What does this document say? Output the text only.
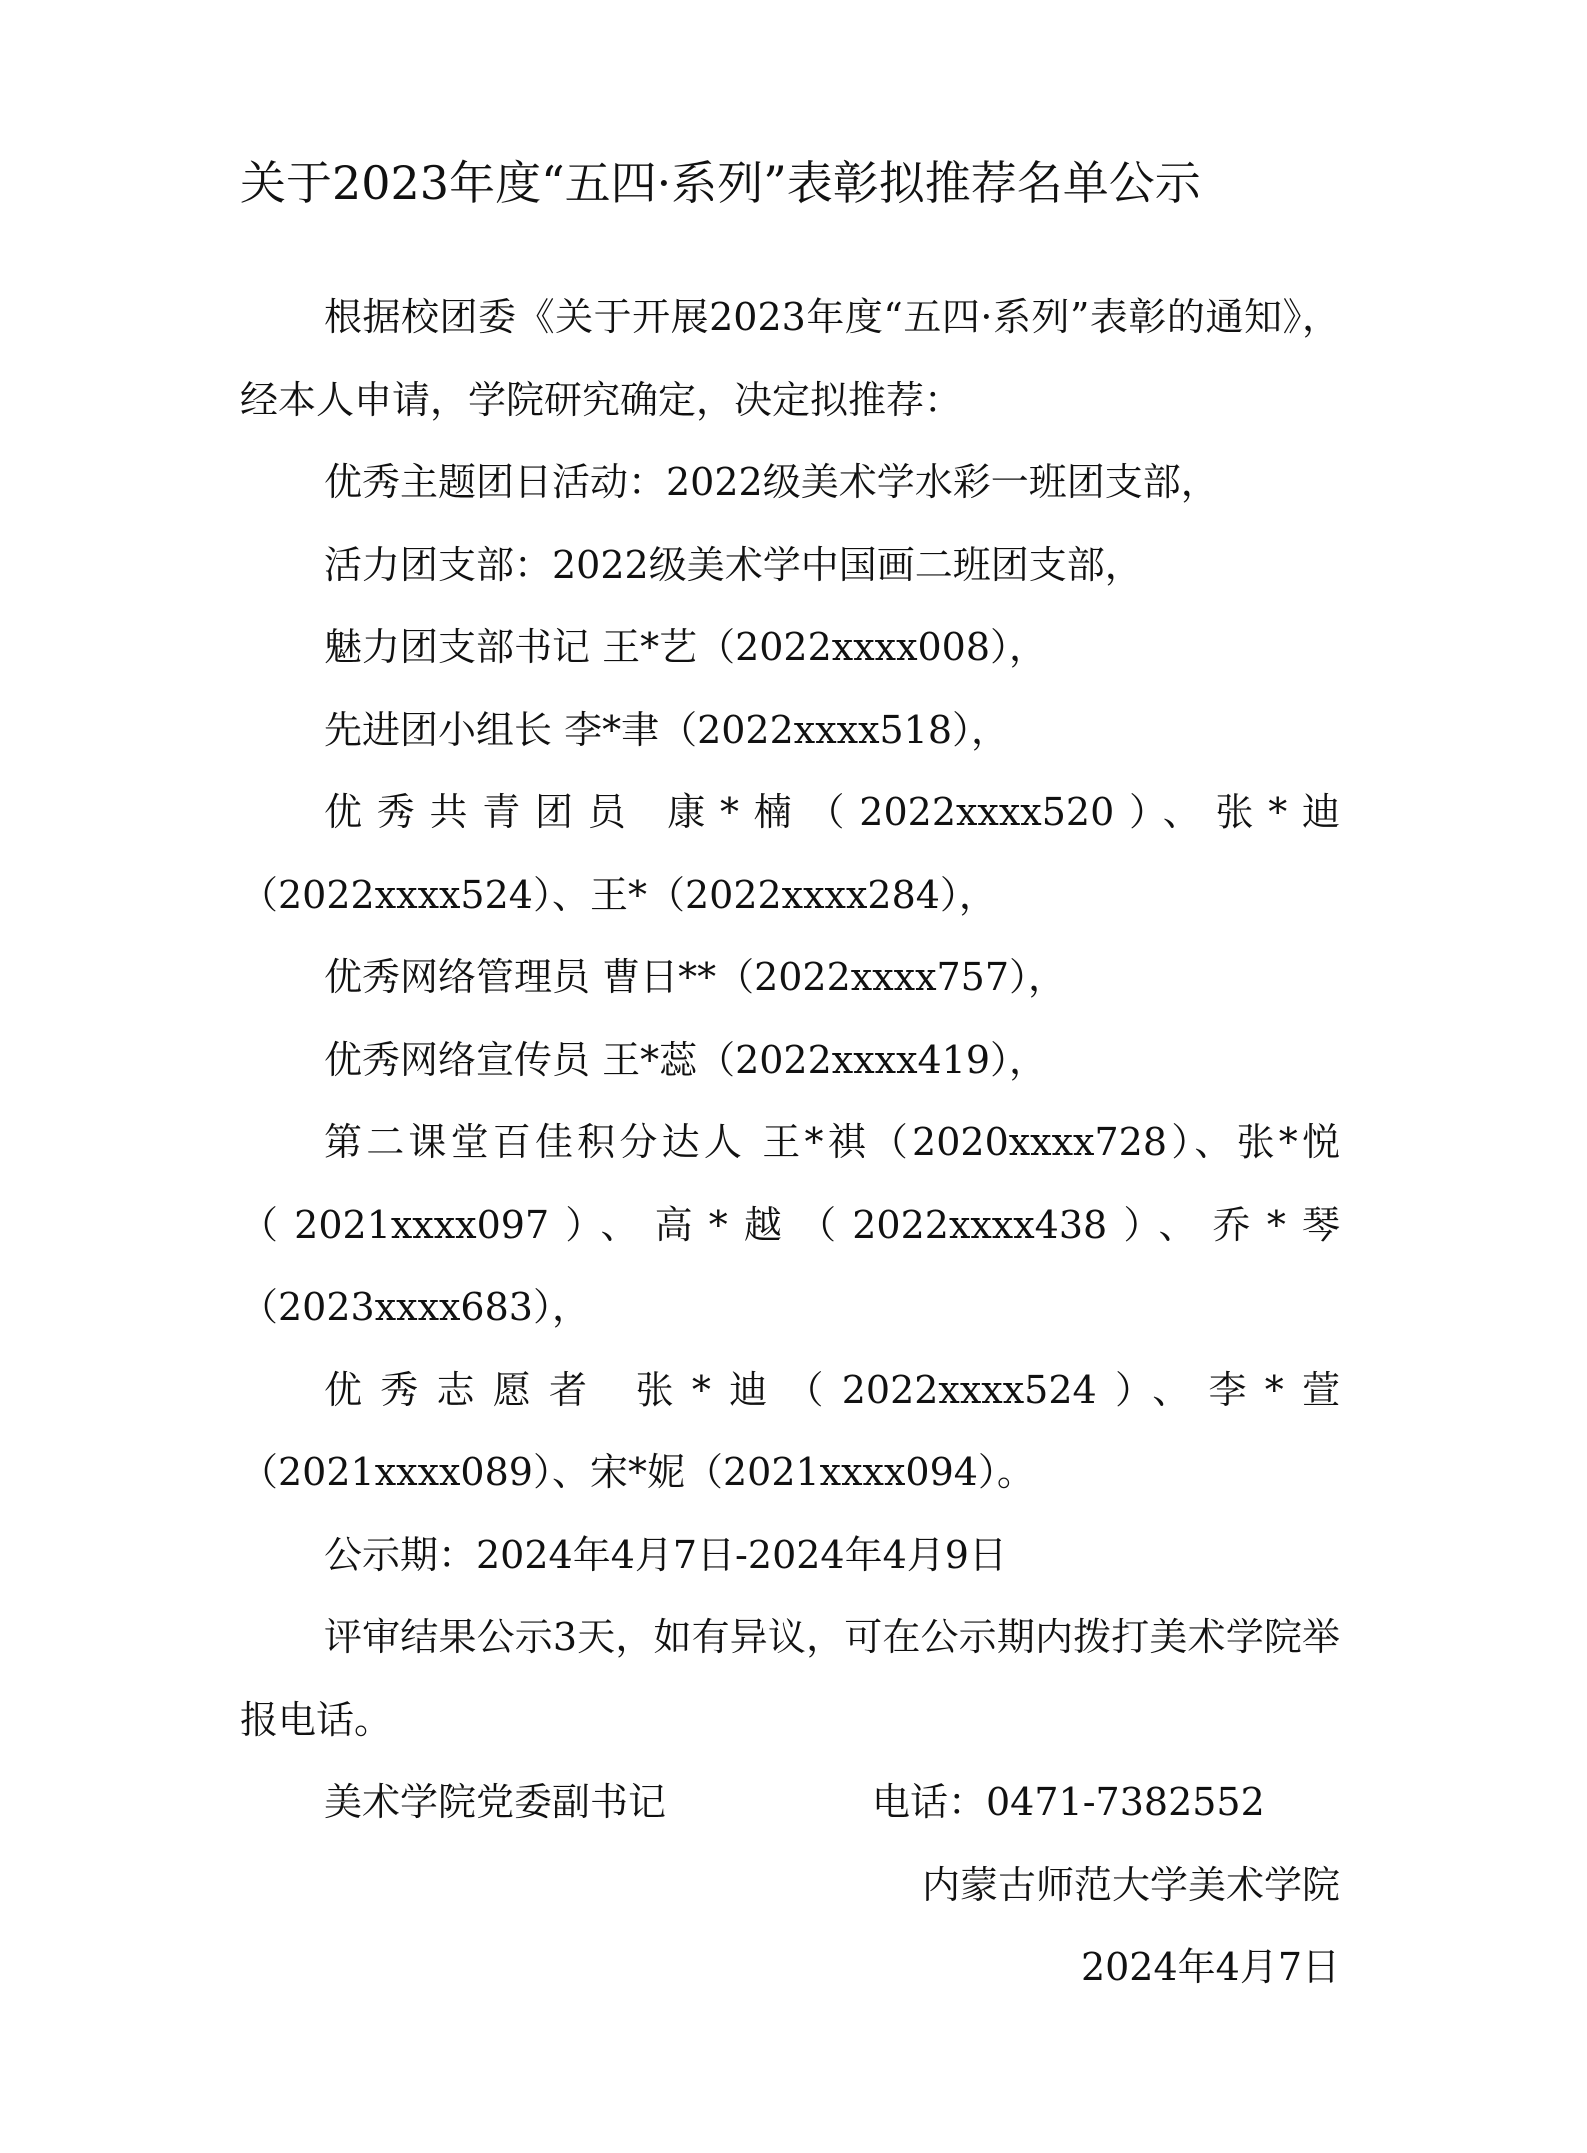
关于2023年度“五四·系列”表彰拟推荐名单公示

根据校团委《关于开展2023年度“五四·系列”表彰的通知》，经本人申请，学院研究确定，决定拟推荐：

优秀主题团日活动：2022级美术学水彩一班团支部，

活力团支部：2022级美术学中国画二班团支部，

魅力团支部书记 王*艺（2022xxxx008），

先进团小组长 李*聿（2022xxxx518），

优秀共青团员 康*楠（2022xxxx520）、张*迪（2022xxxx524）、王*（2022xxxx284），

优秀网络管理员 曹日**（2022xxxx757），

优秀网络宣传员 王*蕊（2022xxxx419），

第二课堂百佳积分达人 王*祺（2020xxxx728）、张*悦（2021xxxx097）、高*越（2022xxxx438）、乔*琴（2023xxxx683），

优秀志愿者 张*迪（2022xxxx524）、李*萱（2021xxxx089）、宋*妮（2021xxxx094）。

公示期：2024年4月7日-2024年4月9日

评审结果公示3天，如有异议，可在公示期内拨打美术学院举报电话。

美术学院党委副书记	电话：0471-7382552

内蒙古师范大学美术学院

2024年4月7日
